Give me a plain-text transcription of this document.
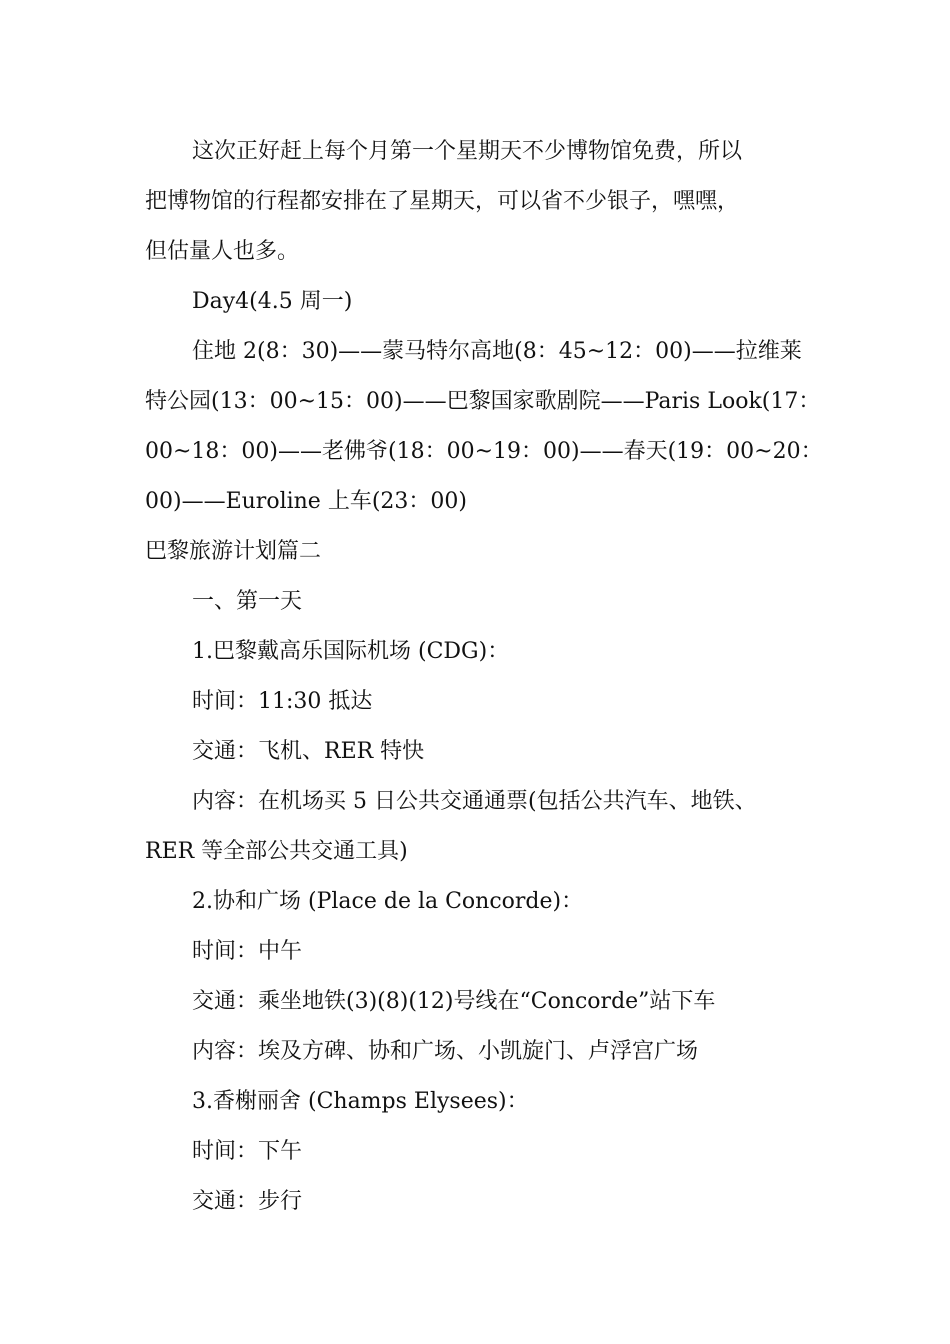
这次正好赶上每个月第一个星期天不少博物馆免费，所以
把博物馆的行程都安排在了星期天，可以省不少银子，嘿嘿，
但估量人也多。
Day4(4.5 周一)
住地 2(8：30)——蒙马特尔高地(8：45~12：00)——拉维莱
特公园(13：00~15：00)——巴黎国家歌剧院——Paris Look(17：
00~18：00)——老佛爷(18：00~19：00)——春天(19：00~20：
00)——Euroline 上车(23：00)
巴黎旅游计划篇二
一、第一天
1.巴黎戴高乐国际机场 (CDG)：
时间：11:30 抵达
交通：飞机、RER 特快
内容：在机场买 5 日公共交通通票(包括公共汽车、地铁、
RER 等全部公共交通工具)
2.协和广场 (Place de la Concorde)：
时间：中午
交通：乘坐地铁(3)(8)(12)号线在“Concorde”站下车
内容：埃及方碑、协和广场、小凯旋门、卢浮宫广场
3.香榭丽舍 (Champs Elysees)：
时间：下午
交通：步行
